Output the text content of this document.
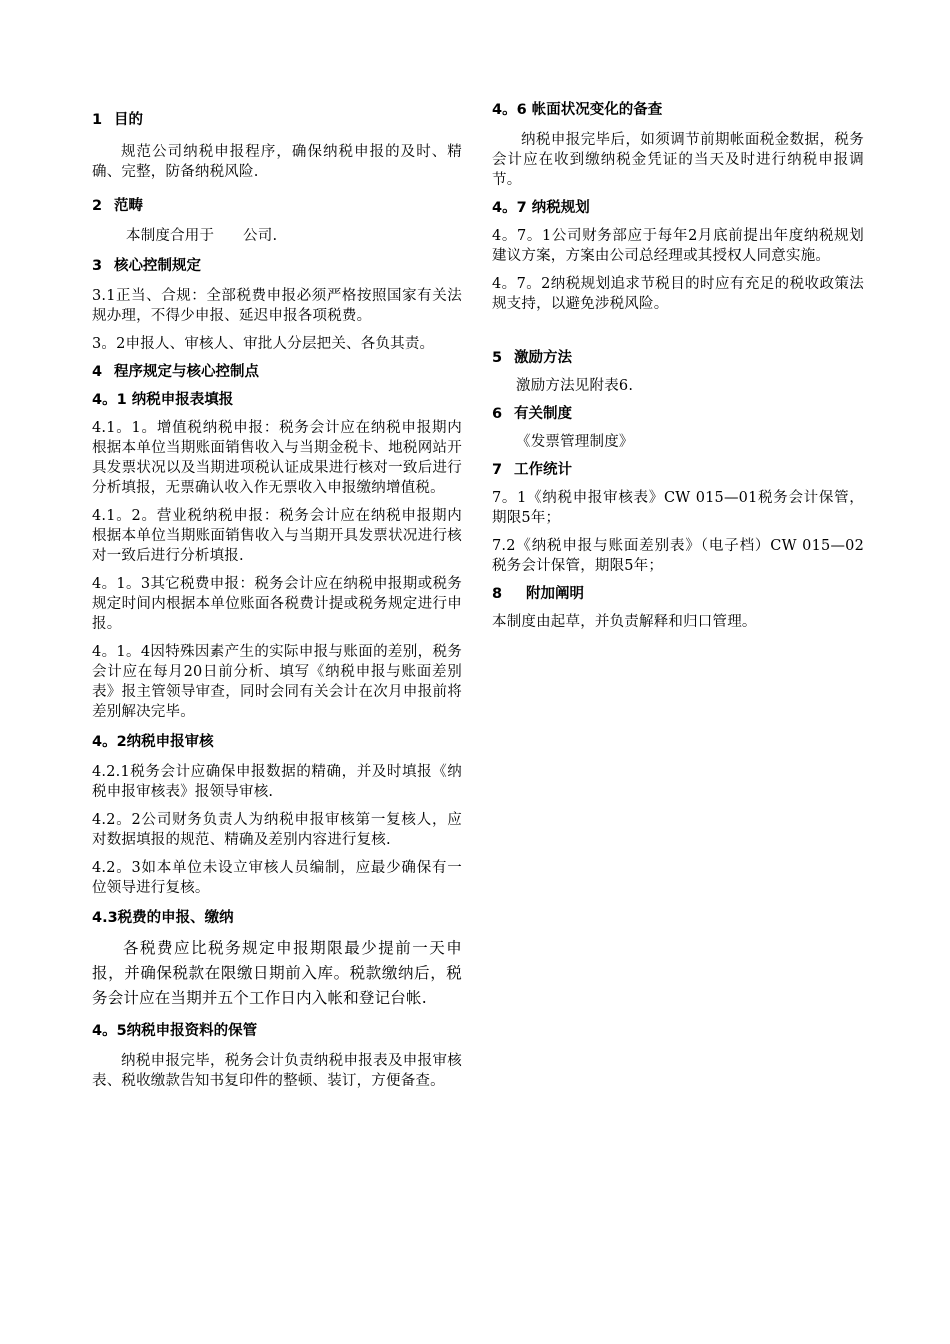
1 目的

规范公司纳税申报程序，确保纳税申报的及时、精确、完整，防备纳税风险.

2 范畴

本制度合用于      公司.

3 核心控制规定

3.1正当、合规：全部税费申报必须严格按照国家有关法规办理，不得少申报、延迟申报各项税费。

3。2申报人、审核人、审批人分层把关、各负其责。

4 程序规定与核心控制点
4。1 纳税申报表填报

4.1。1。增值税纳税申报：税务会计应在纳税申报期内根据本单位当期账面销售收入与当期金税卡、地税网站开具发票状况以及当期进项税认证成果进行核对一致后进行分析填报，无票确认收入作无票收入申报缴纳增值税。

4.1。2。营业税纳税申报：税务会计应在纳税申报期内根据本单位当期账面销售收入与当期开具发票状况进行核对一致后进行分析填报.

4。1。3其它税费申报：税务会计应在纳税申报期或税务规定时间内根据本单位账面各税费计提或税务规定进行申报。

4。1。4因特殊因素产生的实际申报与账面的差别，税务会计应在每月20日前分析、填写《纳税申报与账面差别表》报主管领导审查，同时会同有关会计在次月申报前将差别解决完毕。

4。2纳税申报审核

4.2.1税务会计应确保申报数据的精确，并及时填报《纳税申报审核表》报领导审核.

4.2。2公司财务负责人为纳税申报审核第一复核人，应对数据填报的规范、精确及差别内容进行复核.

4.2。3如本单位未设立审核人员编制，应最少确保有一位领导进行复核。

4.3税费的申报、缴纳

各税费应比税务规定申报期限最少提前一天申报，并确保税款在限缴日期前入库。税款缴纳后，税务会计应在当期并五个工作日内入帐和登记台帐.

4。5纳税申报资料的保管

纳税申报完毕，税务会计负责纳税申报表及申报审核表、税收缴款告知书复印件的整顿、装订，方便备查。

4。6 帐面状况变化的备查

纳税申报完毕后，如须调节前期帐面税金数据，税务会计应在收到缴纳税金凭证的当天及时进行纳税申报调节。

4。7 纳税规划

4。7。1公司财务部应于每年2月底前提出年度纳税规划建议方案，方案由公司总经理或其授权人同意实施。

4。7。2纳税规划追求节税目的时应有充足的税收政策法规支持，以避免涉税风险。

5 激励方法

激励方法见附表6.

6 有关制度

《发票管理制度》

7 工作统计

7。1《纳税申报审核表》CW 015—01税务会计保管，期限5年；

7.2《纳税申报与账面差别表》（电子档）CW 015—02税务会计保管，期限5年；

8 附加阐明

本制度由起草，并负责解释和归口管理。
